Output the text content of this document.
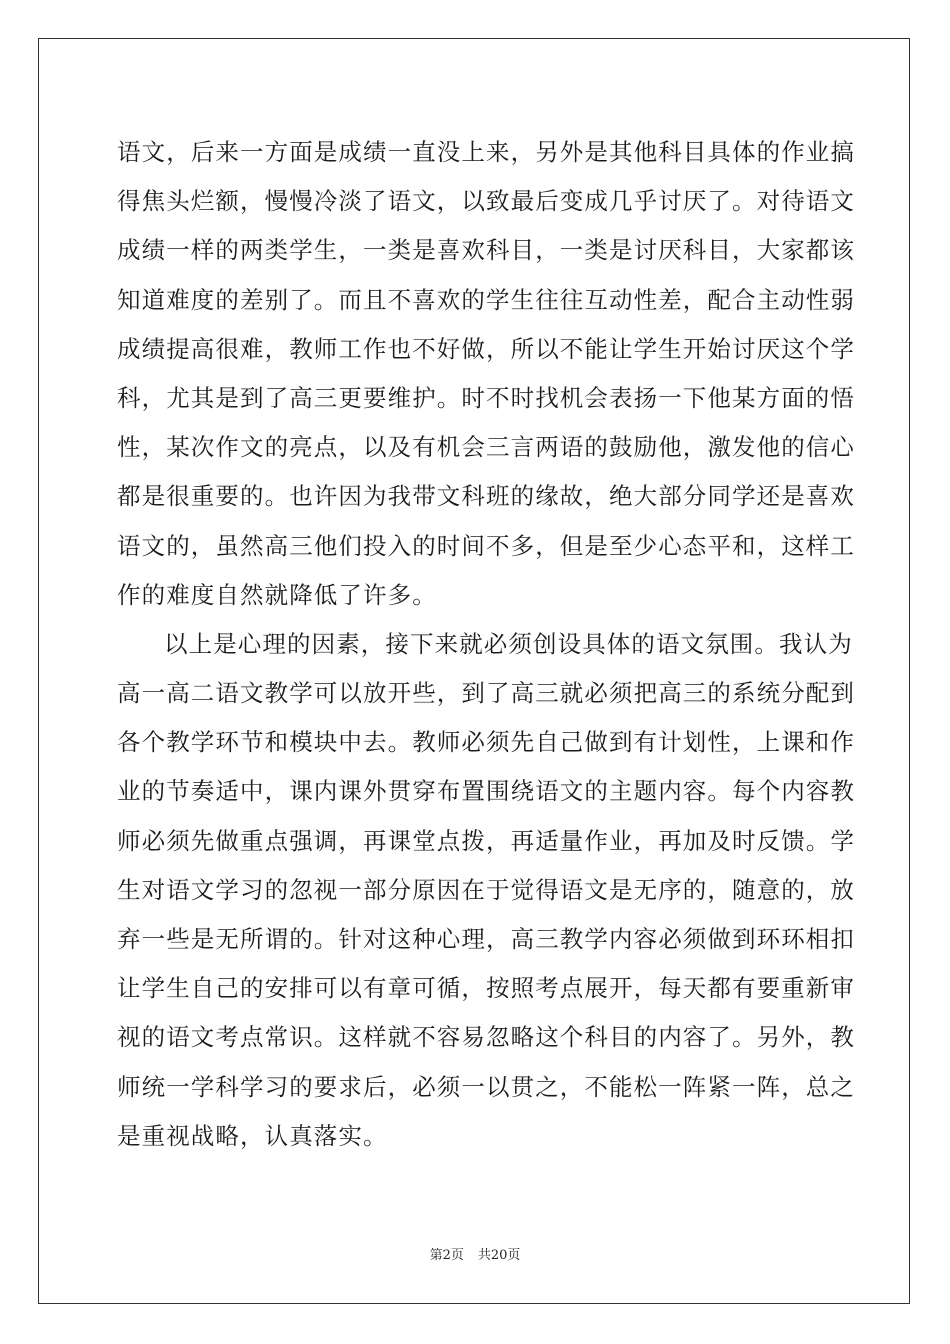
语文，后来一方面是成绩一直没上来，另外是其他科目具体的作业搞
得焦头烂额，慢慢冷淡了语文，以致最后变成几乎讨厌了。对待语文
成绩一样的两类学生，一类是喜欢科目，一类是讨厌科目，大家都该
知道难度的差别了。而且不喜欢的学生往往互动性差，配合主动性弱
成绩提高很难，教师工作也不好做，所以不能让学生开始讨厌这个学
科，尤其是到了高三更要维护。时不时找机会表扬一下他某方面的悟
性，某次作文的亮点，以及有机会三言两语的鼓励他，激发他的信心
都是很重要的。也许因为我带文科班的缘故，绝大部分同学还是喜欢
语文的，虽然高三他们投入的时间不多，但是至少心态平和，这样工
作的难度自然就降低了许多。
以上是心理的因素，接下来就必须创设具体的语文氛围。我认为
高一高二语文教学可以放开些，到了高三就必须把高三的系统分配到
各个教学环节和模块中去。教师必须先自己做到有计划性，上课和作
业的节奏适中，课内课外贯穿布置围绕语文的主题内容。每个内容教
师必须先做重点强调，再课堂点拨，再适量作业，再加及时反馈。学
生对语文学习的忽视一部分原因在于觉得语文是无序的，随意的，放
弃一些是无所谓的。针对这种心理，高三教学内容必须做到环环相扣
让学生自己的安排可以有章可循，按照考点展开，每天都有要重新审
视的语文考点常识。这样就不容易忽略这个科目的内容了。另外，教
师统一学科学习的要求后，必须一以贯之，不能松一阵紧一阵，总之
是重视战略，认真落实。
第2页 共20页
